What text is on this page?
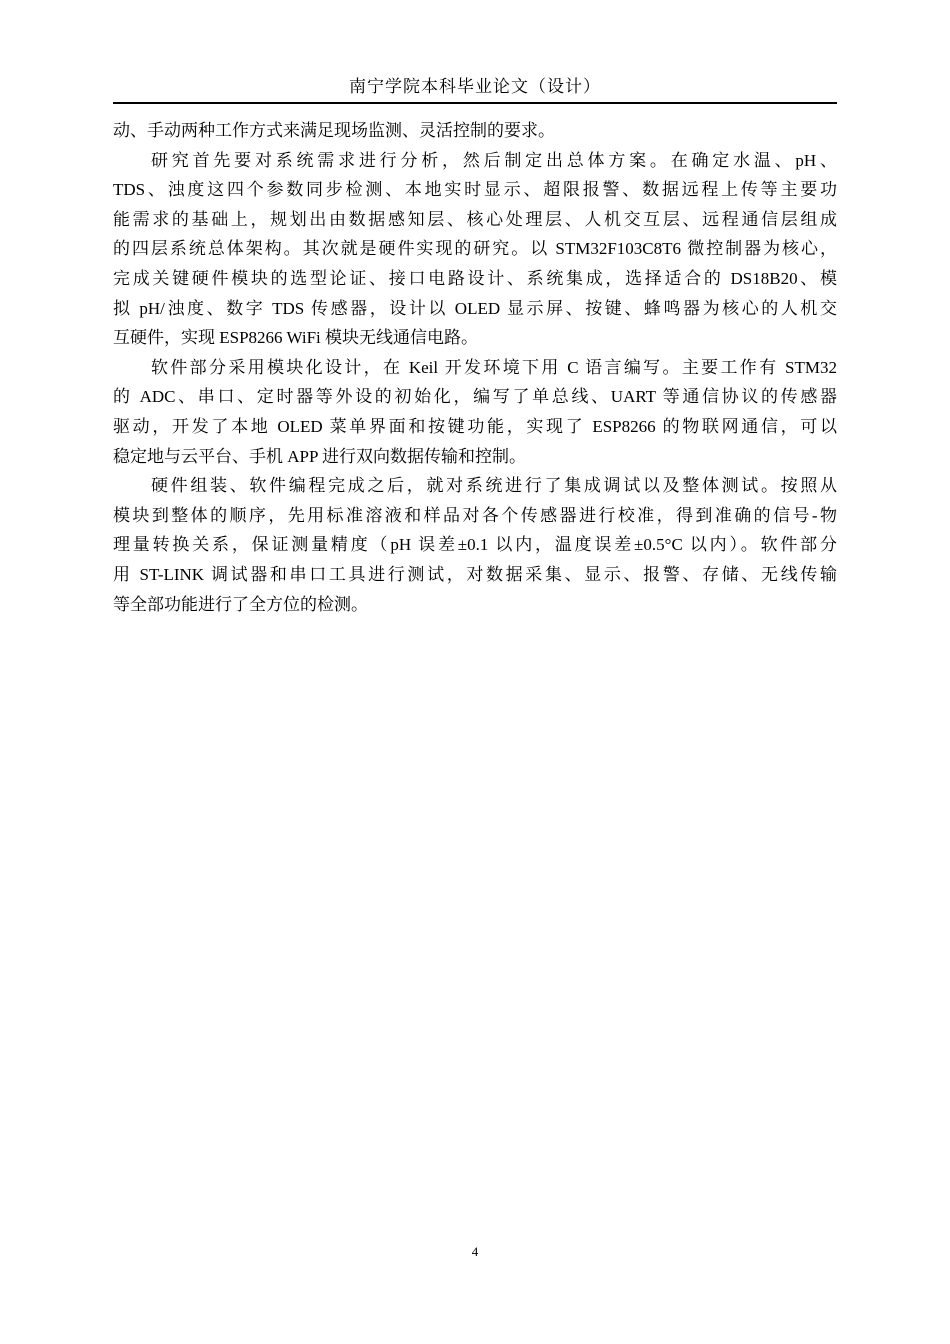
南宁学院本科毕业论文（设计）
动、手动两种工作方式来满足现场监测、灵活控制的要求。
研究首先要对系统需求进行分析，然后制定出总体方案。在确定水温、pH、
TDS、浊度这四个参数同步检测、本地实时显示、超限报警、数据远程上传等主要功
能需求的基础上，规划出由数据感知层、核心处理层、人机交互层、远程通信层组成
的四层系统总体架构。其次就是硬件实现的研究。以 STM32F103C8T6 微控制器为核心，
完成关键硬件模块的选型论证、接口电路设计、系统集成，选择适合的 DS18B20、模
拟 pH/浊度、数字 TDS 传感器，设计以 OLED 显示屏、按键、蜂鸣器为核心的人机交
互硬件，实现 ESP8266 WiFi 模块无线通信电路。
软件部分采用模块化设计，在 Keil 开发环境下用 C 语言编写。主要工作有 STM32
的 ADC、串口、定时器等外设的初始化，编写了单总线、UART 等通信协议的传感器
驱动，开发了本地 OLED 菜单界面和按键功能，实现了 ESP8266 的物联网通信，可以
稳定地与云平台、手机 APP 进行双向数据传输和控制。
硬件组装、软件编程完成之后，就对系统进行了集成调试以及整体测试。按照从
模块到整体的顺序，先用标准溶液和样品对各个传感器进行校准，得到准确的信号-物
理量转换关系，保证测量精度（pH 误差±0.1 以内，温度误差±0.5°C 以内）。软件部分
用 ST-LINK 调试器和串口工具进行测试，对数据采集、显示、报警、存储、无线传输
等全部功能进行了全方位的检测。
4
